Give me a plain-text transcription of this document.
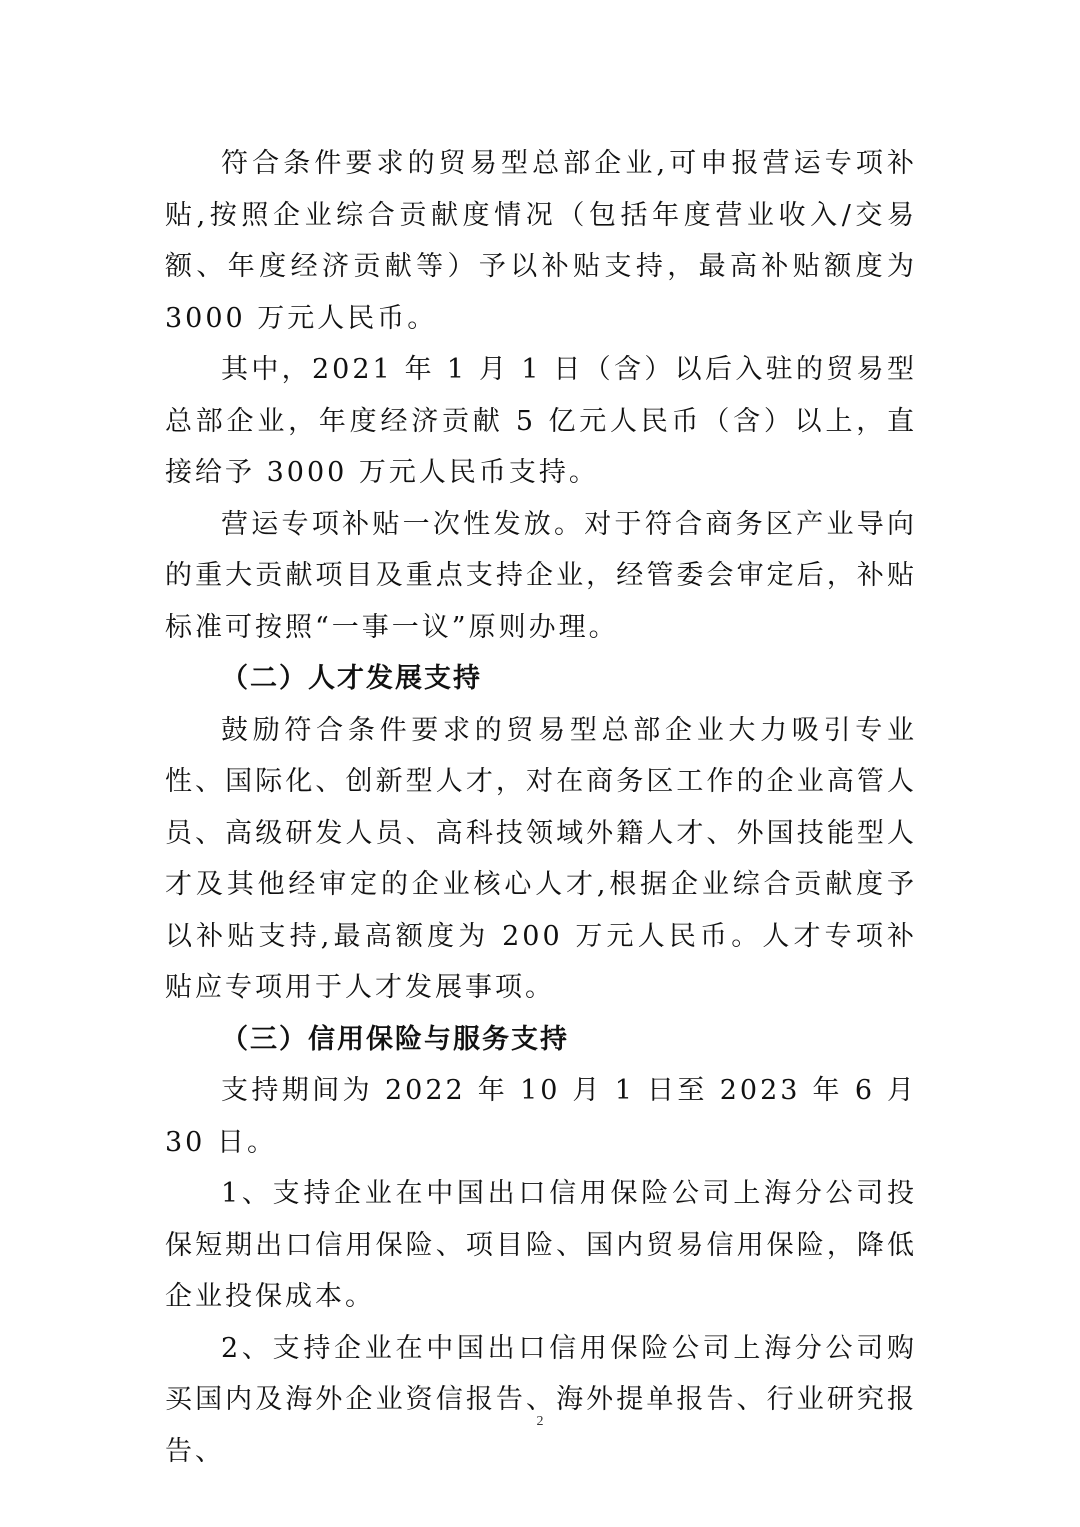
符合条件要求的贸易型总部企业,可申报营运专项补贴,按照企业综合贡献度情况（包括年度营业收入/交易额、年度经济贡献等）予以补贴支持，最高补贴额度为 3000 万元人民币。

其中，2021 年 1 月 1 日（含）以后入驻的贸易型总部企业，年度经济贡献 5 亿元人民币（含）以上，直接给予 3000 万元人民币支持。

营运专项补贴一次性发放。对于符合商务区产业导向的重大贡献项目及重点支持企业，经管委会审定后，补贴标准可按照“一事一议”原则办理。

（二）人才发展支持

鼓励符合条件要求的贸易型总部企业大力吸引专业性、国际化、创新型人才，对在商务区工作的企业高管人员、高级研发人员、高科技领域外籍人才、外国技能型人才及其他经审定的企业核心人才,根据企业综合贡献度予以补贴支持,最高额度为 200 万元人民币。人才专项补贴应专项用于人才发展事项。

（三）信用保险与服务支持

支持期间为 2022 年 10 月 1 日至 2023 年 6 月 30 日。

1、支持企业在中国出口信用保险公司上海分公司投保短期出口信用保险、项目险、国内贸易信用保险，降低企业投保成本。

2、支持企业在中国出口信用保险公司上海分公司购买国内及海外企业资信报告、海外提单报告、行业研究报告、

2
